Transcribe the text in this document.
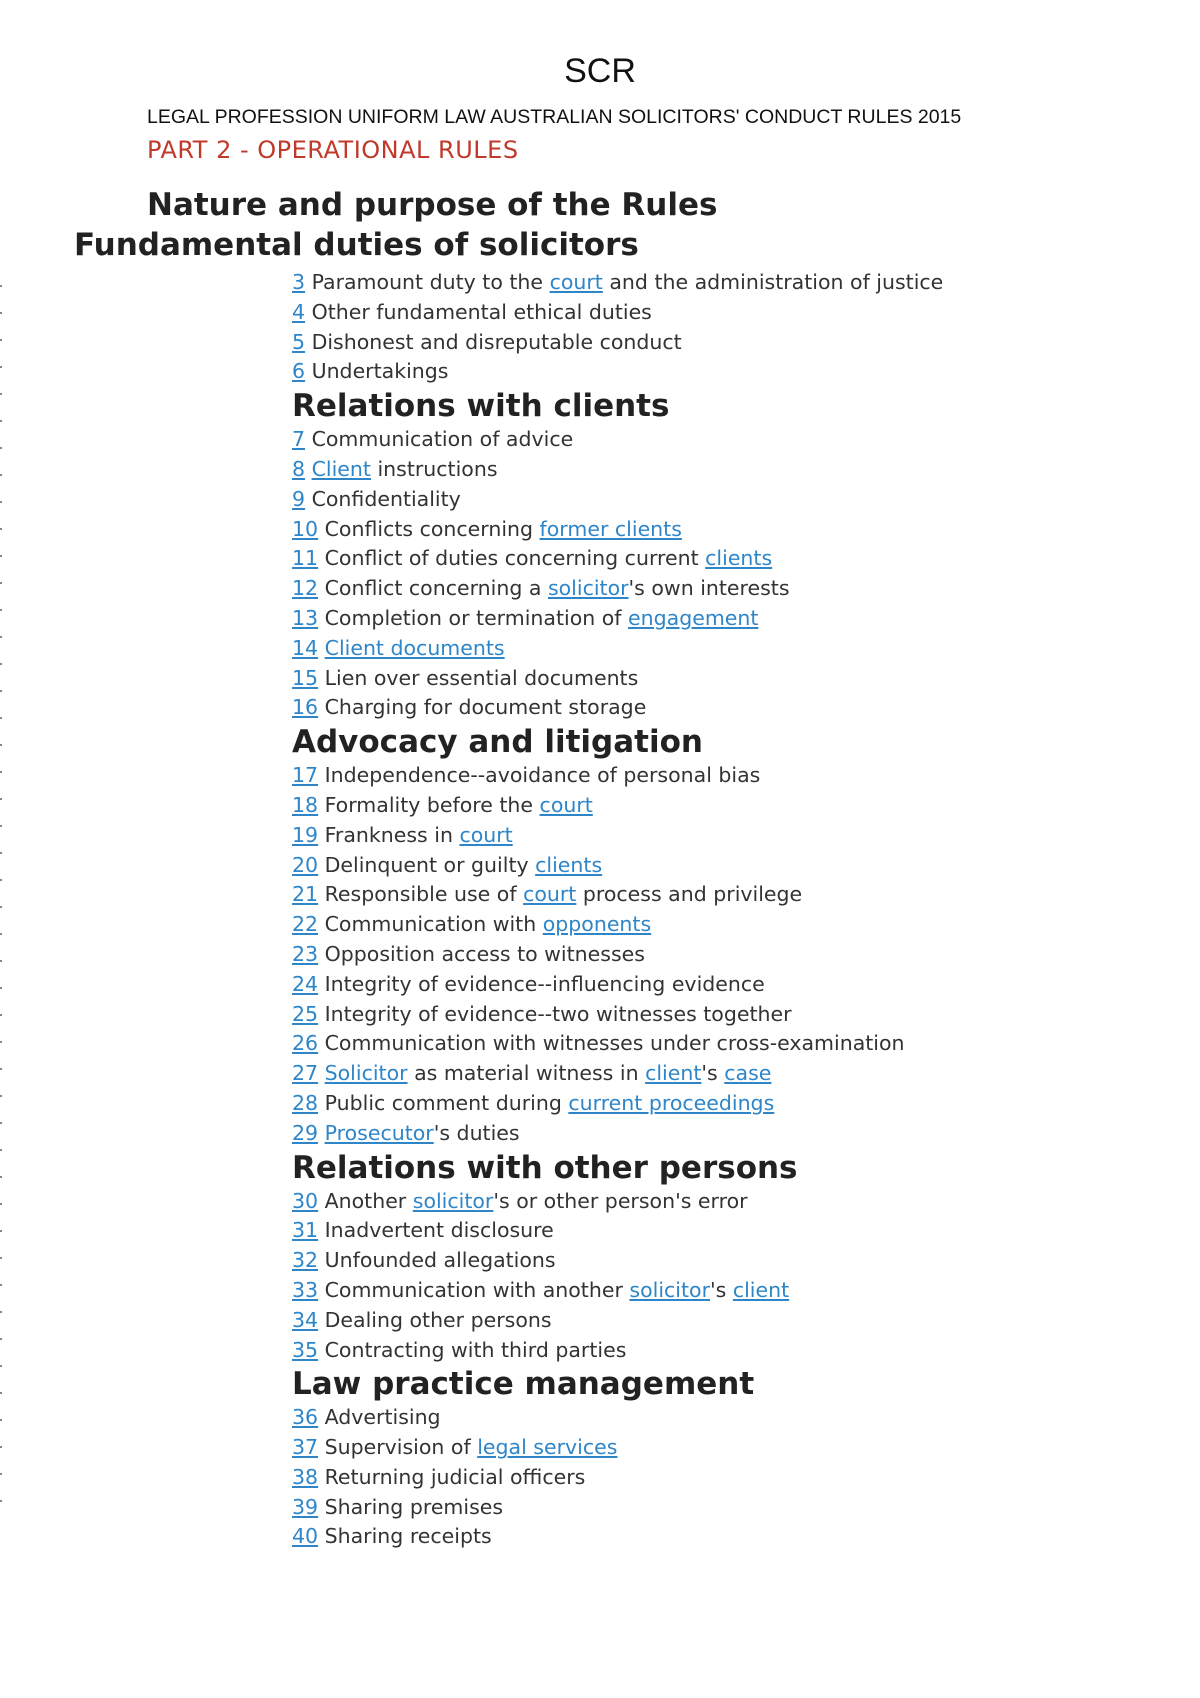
SCR

LEGAL PROFESSION UNIFORM LAW AUSTRALIAN SOLICITORS' CONDUCT RULES 2015

PART 2 - OPERATIONAL RULES

Nature and purpose of the Rules
Fundamental duties of solicitors
3 Paramount duty to the court and the administration of justice
4 Other fundamental ethical duties
5 Dishonest and disreputable conduct
6 Undertakings
Relations with clients
7 Communication of advice
8 Client instructions
9 Confidentiality
10 Conflicts concerning former clients
11 Conflict of duties concerning current clients
12 Conflict concerning a solicitor's own interests
13 Completion or termination of engagement
14 Client documents
15 Lien over essential documents
16 Charging for document storage
Advocacy and litigation
17 Independence--avoidance of personal bias
18 Formality before the court
19 Frankness in court
20 Delinquent or guilty clients
21 Responsible use of court process and privilege
22 Communication with opponents
23 Opposition access to witnesses
24 Integrity of evidence--influencing evidence
25 Integrity of evidence--two witnesses together
26 Communication with witnesses under cross-examination
27 Solicitor as material witness in client's case
28 Public comment during current proceedings
29 Prosecutor's duties
Relations with other persons
30 Another solicitor's or other person's error
31 Inadvertent disclosure
32 Unfounded allegations
33 Communication with another solicitor's client
34 Dealing other persons
35 Contracting with third parties
Law practice management
36 Advertising
37 Supervision of legal services
38 Returning judicial officers
39 Sharing premises
40 Sharing receipts
